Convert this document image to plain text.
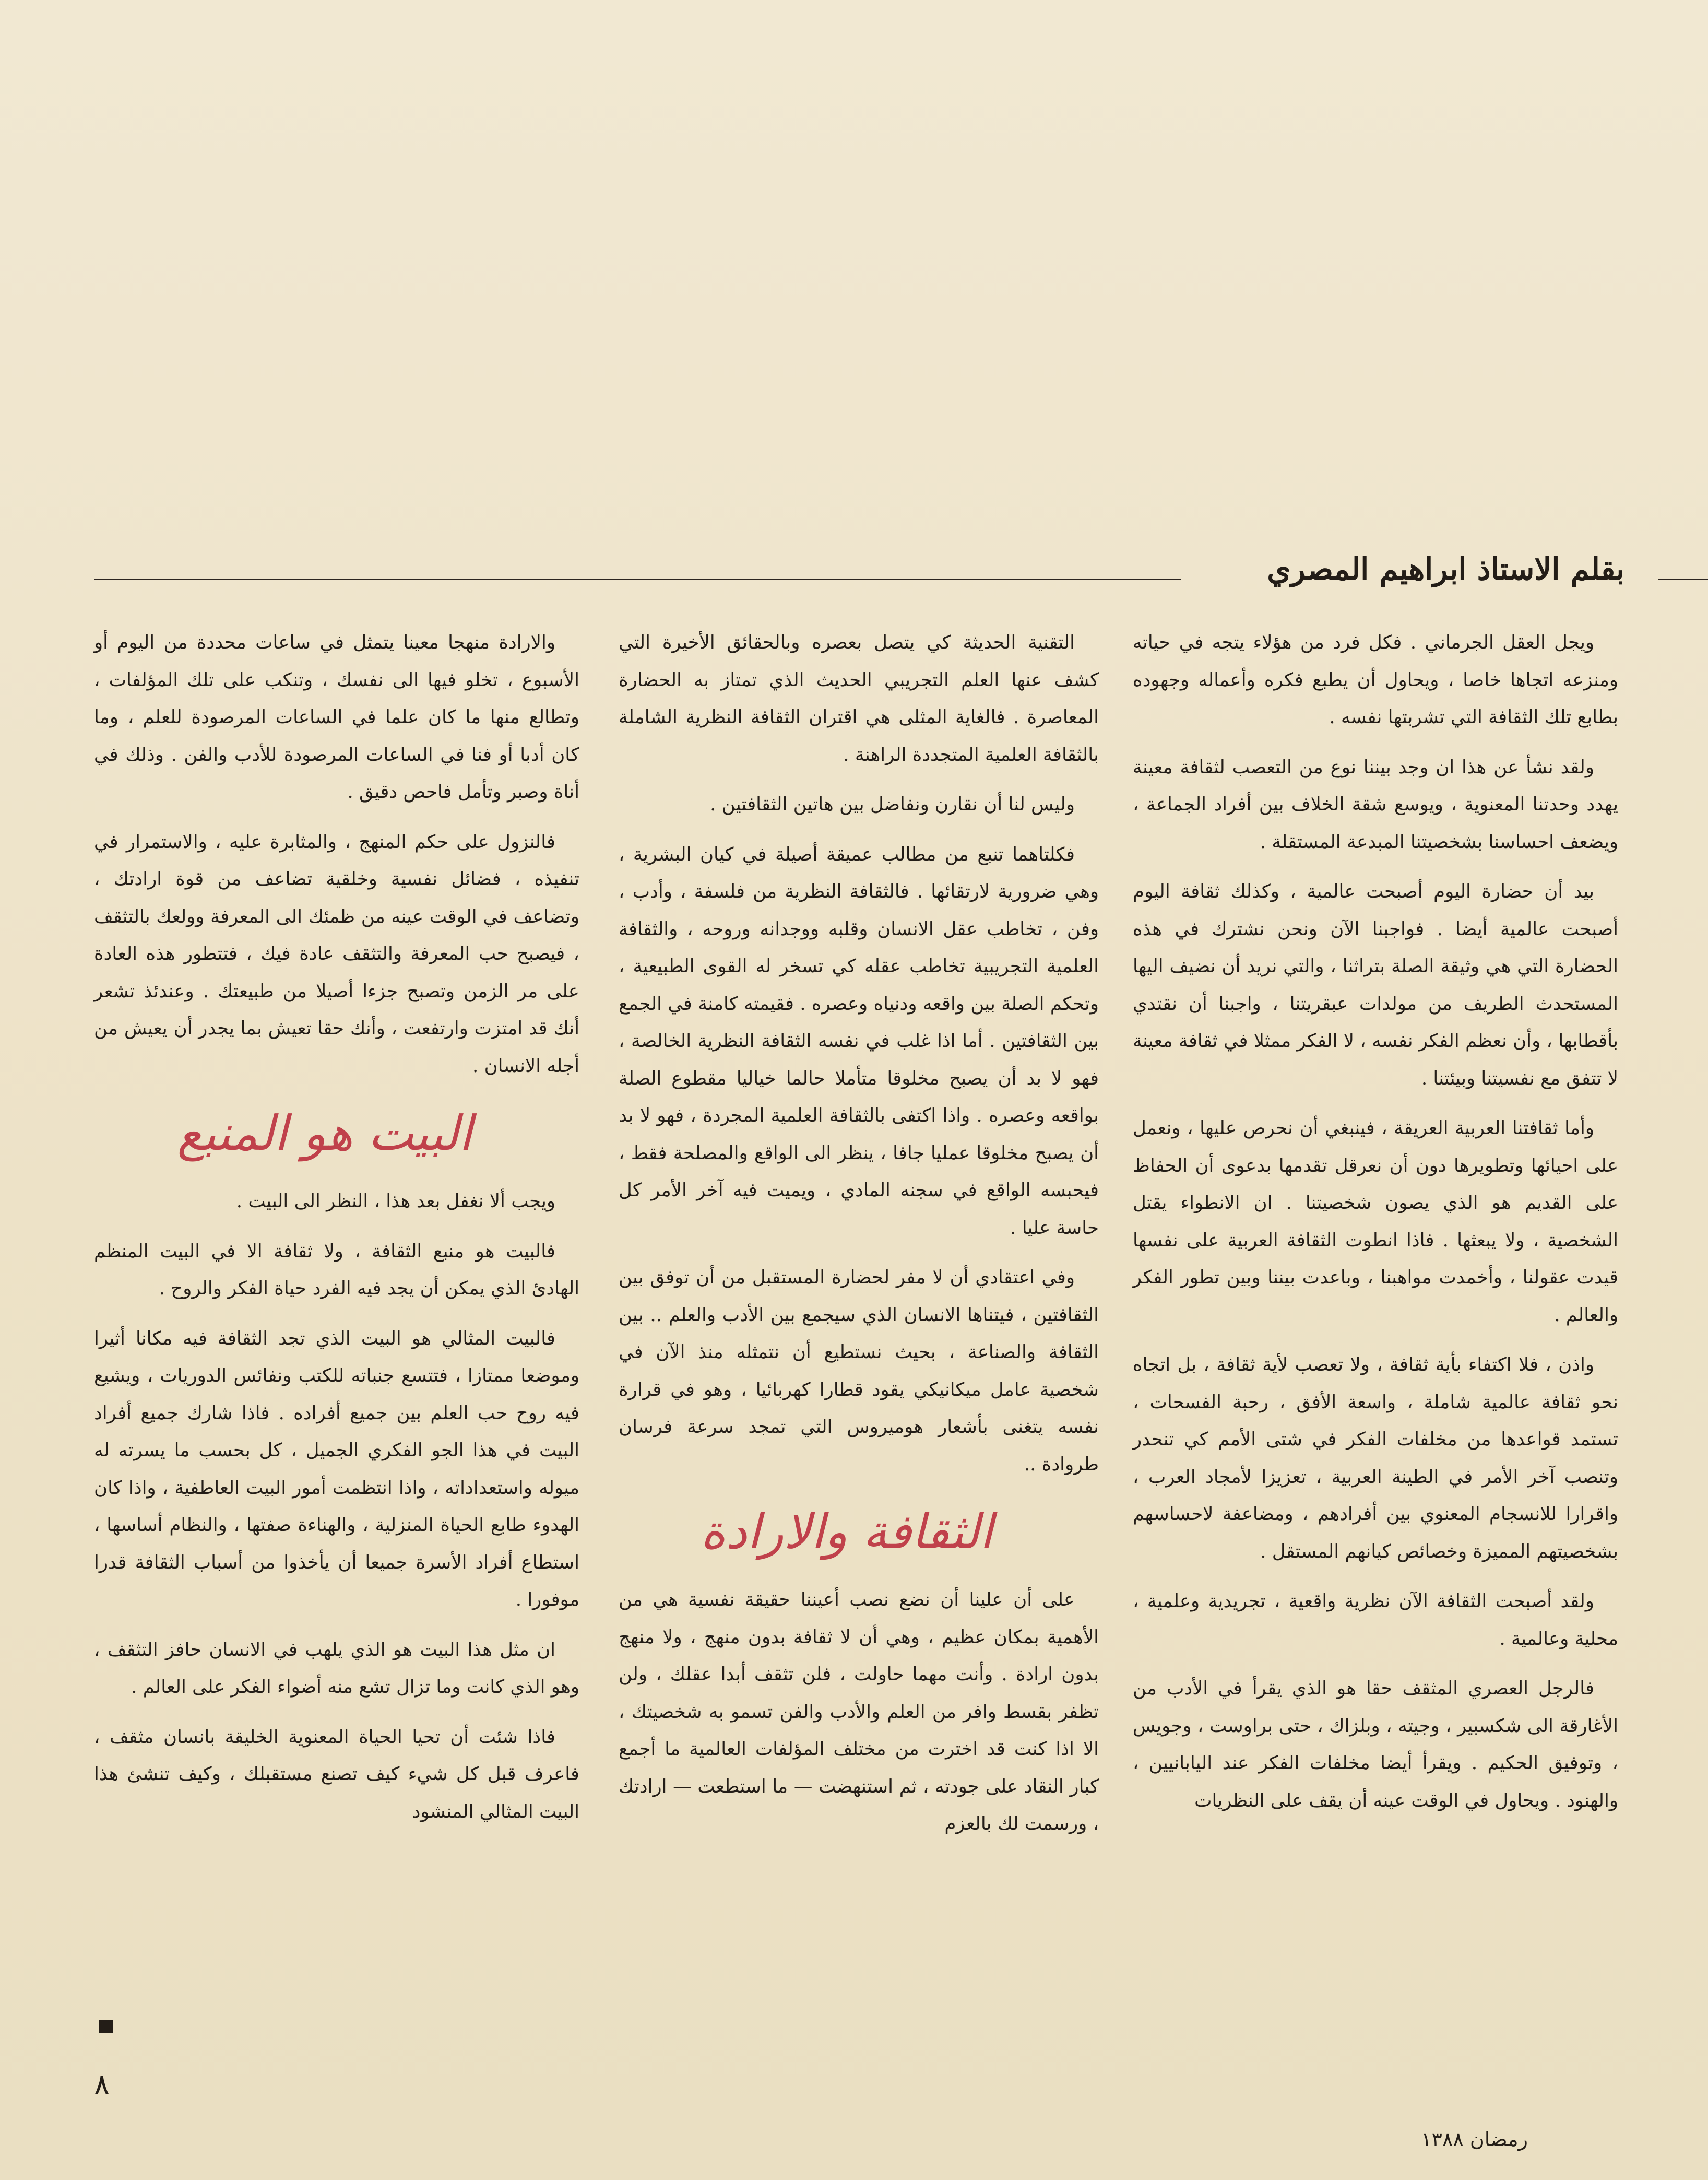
بقلم الاستاذ ابراهيم المصري

ويجل العقل الجرماني . فكل فرد من هؤلاء يتجه في حياته ومنزعه اتجاها خاصا ، ويحاول أن يطبع فكره وأعماله وجهوده بطابع تلك الثقافة التي تشربتها نفسه .

ولقد نشأ عن هذا ان وجد بيننا نوع من التعصب لثقافة معينة يهدد وحدتنا المعنوية ، ويوسع شقة الخلاف بين أفراد الجماعة ، ويضعف احساسنا بشخصيتنا المبدعة المستقلة .

بيد أن حضارة اليوم أصبحت عالمية ، وكذلك ثقافة اليوم أصبحت عالمية أيضا . فواجبنا الآن ونحن نشترك في هذه الحضارة التي هي وثيقة الصلة بتراثنا ، والتي نريد أن نضيف اليها المستحدث الطريف من مولدات عبقريتنا ، واجبنا أن نقتدي بأقطابها ، وأن نعظم الفكر نفسه ، لا الفكر ممثلا في ثقافة معينة لا تتفق مع نفسيتنا وبيئتنا .

وأما ثقافتنا العربية العريقة ، فينبغي أن نحرص عليها ، ونعمل على احيائها وتطويرها دون أن نعرقل تقدمها بدعوى أن الحفاظ على القديم هو الذي يصون شخصيتنا . ان الانطواء يقتل الشخصية ، ولا يبعثها . فاذا انطوت الثقافة العربية على نفسها قيدت عقولنا ، وأخمدت مواهبنا ، وباعدت بيننا وبين تطور الفكر والعالم .

واذن ، فلا اكتفاء بأية ثقافة ، ولا تعصب لأية ثقافة ، بل اتجاه نحو ثقافة عالمية شاملة ، واسعة الأفق ، رحبة الفسحات ، تستمد قواعدها من مخلفات الفكر في شتى الأمم كي تنحدر وتنصب آخر الأمر في الطينة العربية ، تعزيزا لأمجاد العرب ، واقرارا للانسجام المعنوي بين أفرادهم ، ومضاعفة لاحساسهم بشخصيتهم المميزة وخصائص كيانهم المستقل .

ولقد أصبحت الثقافة الآن نظرية واقعية ، تجريدية وعلمية ، محلية وعالمية .

فالرجل العصري المثقف حقا هو الذي يقرأ في الأدب من الأغارقة الى شكسبير ، وجيته ، وبلزاك ، حتى براوست ، وجويس ، وتوفيق الحكيم . ويقرأ أيضا مخلفات الفكر عند اليابانيين ، والهنود . ويحاول في الوقت عينه أن يقف على النظريات

التقنية الحديثة كي يتصل بعصره وبالحقائق الأخيرة التي كشف عنها العلم التجريبي الحديث الذي تمتاز به الحضارة المعاصرة . فالغاية المثلى هي اقتران الثقافة النظرية الشاملة بالثقافة العلمية المتجددة الراهنة .

وليس لنا أن نقارن ونفاضل بين هاتين الثقافتين .

فكلتاهما تنبع من مطالب عميقة أصيلة في كيان البشرية ، وهي ضرورية لارتقائها . فالثقافة النظرية من فلسفة ، وأدب ، وفن ، تخاطب عقل الانسان وقلبه ووجدانه وروحه ، والثقافة العلمية التجريبية تخاطب عقله كي تسخر له القوى الطبيعية ، وتحكم الصلة بين واقعه ودنياه وعصره . فقيمته كامنة في الجمع بين الثقافتين . أما اذا غلب في نفسه الثقافة النظرية الخالصة ، فهو لا بد أن يصبح مخلوقا متأملا حالما خياليا مقطوع الصلة بواقعه وعصره . واذا اكتفى بالثقافة العلمية المجردة ، فهو لا بد أن يصبح مخلوقا عمليا جافا ، ينظر الى الواقع والمصلحة فقط ، فيحبسه الواقع في سجنه المادي ، ويميت فيه آخر الأمر كل حاسة عليا .

وفي اعتقادي أن لا مفر لحضارة المستقبل من أن توفق بين الثقافتين ، فيتناها الانسان الذي سيجمع بين الأدب والعلم .. بين الثقافة والصناعة ، بحيث نستطيع أن نتمثله منذ الآن في شخصية عامل ميكانيكي يقود قطارا كهربائيا ، وهو في قرارة نفسه يتغنى بأشعار هوميروس التي تمجد سرعة فرسان طروادة ..

الثقافة والارادة

على أن علينا أن نضع نصب أعيننا حقيقة نفسية هي من الأهمية بمكان عظيم ، وهي أن لا ثقافة بدون منهج ، ولا منهج بدون ارادة . وأنت مهما حاولت ، فلن تثقف أبدا عقلك ، ولن تظفر بقسط وافر من العلم والأدب والفن تسمو به شخصيتك ، الا اذا كنت قد اخترت من مختلف المؤلفات العالمية ما أجمع كبار النقاد على جودته ، ثم استنهضت — ما استطعت — ارادتك ، ورسمت لك بالعزم

والارادة منهجا معينا يتمثل في ساعات محددة من اليوم أو الأسبوع ، تخلو فيها الى نفسك ، وتنكب على تلك المؤلفات ، وتطالع منها ما كان علما في الساعات المرصودة للعلم ، وما كان أدبا أو فنا في الساعات المرصودة للأدب والفن . وذلك في أناة وصبر وتأمل فاحص دقيق .

فالنزول على حكم المنهج ، والمثابرة عليه ، والاستمرار في تنفيذه ، فضائل نفسية وخلقية تضاعف من قوة ارادتك ، وتضاعف في الوقت عينه من ظمئك الى المعرفة وولعك بالتثقف ، فيصبح حب المعرفة والتثقف عادة فيك ، فتتطور هذه العادة على مر الزمن وتصبح جزءا أصيلا من طبيعتك . وعندئذ تشعر أنك قد امتزت وارتفعت ، وأنك حقا تعيش بما يجدر أن يعيش من أجله الانسان .

البيت هو المنبع

ويجب ألا نغفل بعد هذا ، النظر الى البيت .

فالبيت هو منبع الثقافة ، ولا ثقافة الا في البيت المنظم الهادئ الذي يمكن أن يجد فيه الفرد حياة الفكر والروح .

فالبيت المثالي هو البيت الذي تجد الثقافة فيه مكانا أثيرا وموضعا ممتازا ، فتتسع جنباته للكتب ونفائس الدوريات ، ويشيع فيه روح حب العلم بين جميع أفراده . فاذا شارك جميع أفراد البيت في هذا الجو الفكري الجميل ، كل بحسب ما يسرته له ميوله واستعداداته ، واذا انتظمت أمور البيت العاطفية ، واذا كان الهدوء طابع الحياة المنزلية ، والهناءة صفتها ، والنظام أساسها ، استطاع أفراد الأسرة جميعا أن يأخذوا من أسباب الثقافة قدرا موفورا .

ان مثل هذا البيت هو الذي يلهب في الانسان حافز التثقف ، وهو الذي كانت وما تزال تشع منه أضواء الفكر على العالم .

فاذا شئت أن تحيا الحياة المعنوية الخليقة بانسان مثقف ، فاعرف قبل كل شيء كيف تصنع مستقبلك ، وكيف تنشئ هذا البيت المثالي المنشود

٨
رمضان ١٣٨٨
